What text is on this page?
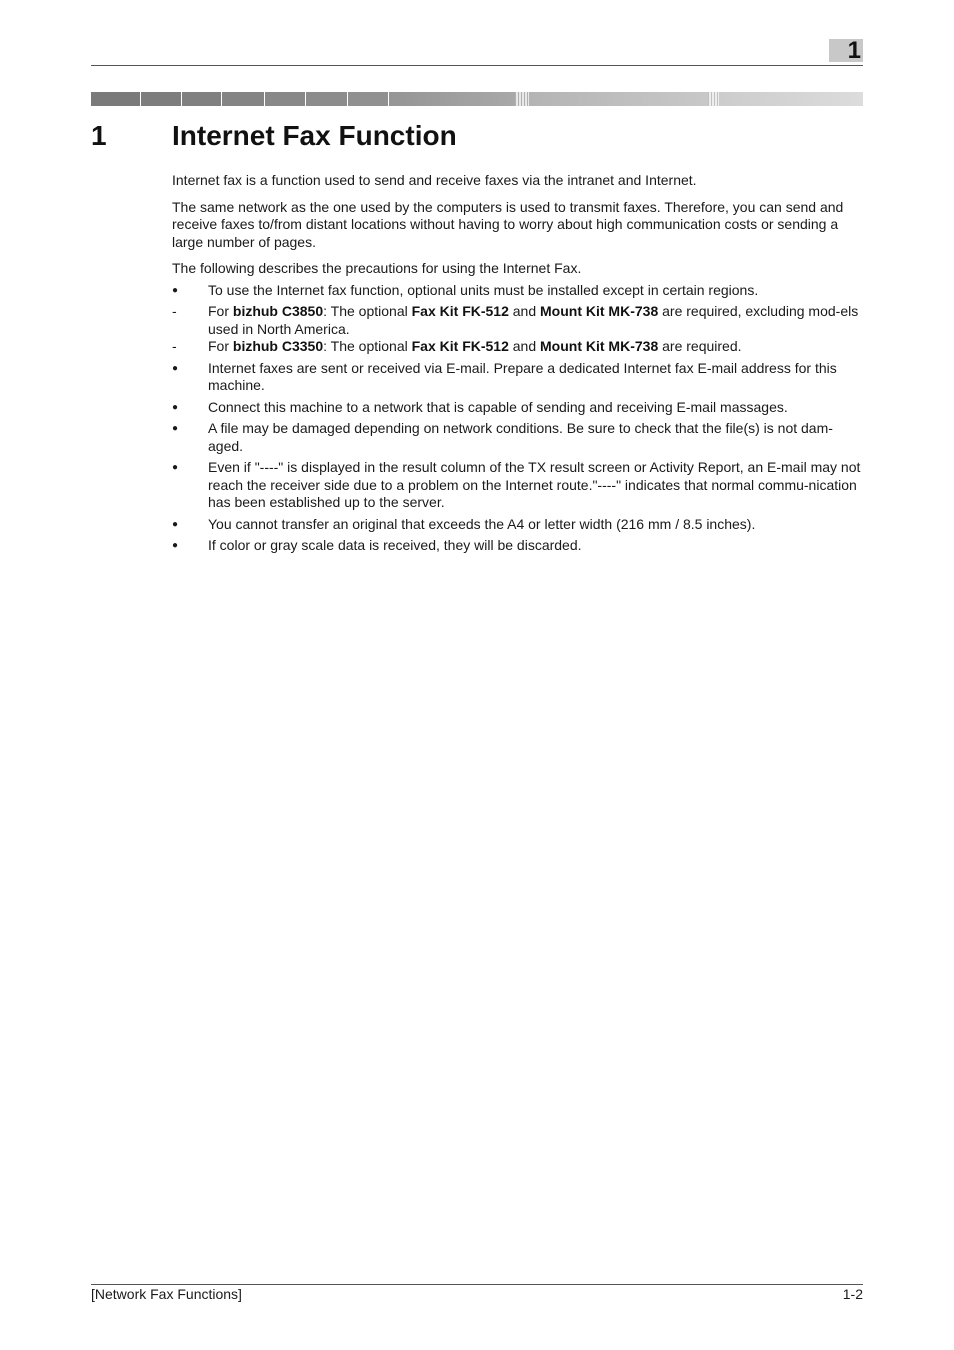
1
1 Internet Fax Function

Internet fax is a function used to send and receive faxes via the intranet and Internet.

The same network as the one used by the computers is used to transmit faxes. Therefore, you can send and receive faxes to/from distant locations without having to worry about high communication costs or sending a large number of pages.

The following describes the precautions for using the Internet Fax.

● To use the Internet fax function, optional units must be installed except in certain regions.
-	For bizhub C3850: The optional Fax Kit FK-512 and Mount Kit MK-738 are required, excluding mod-els used in North America.
-	For bizhub C3350: The optional Fax Kit FK-512 and Mount Kit MK-738 are required.
● Internet faxes are sent or received via E-mail. Prepare a dedicated Internet fax E-mail address for this machine.
● Connect this machine to a network that is capable of sending and receiving E-mail massages.
● A file may be damaged depending on network conditions. Be sure to check that the file(s) is not dam-aged.
● Even if "----" is displayed in the result column of the TX result screen or Activity Report, an E-mail may not reach the receiver side due to a problem on the Internet route."----" indicates that normal commu-nication has been established up to the server.
● You cannot transfer an original that exceeds the A4 or letter width (216 mm / 8.5 inches).
● If color or gray scale data is received, they will be discarded.
[Network Fax Functions]	1-2
